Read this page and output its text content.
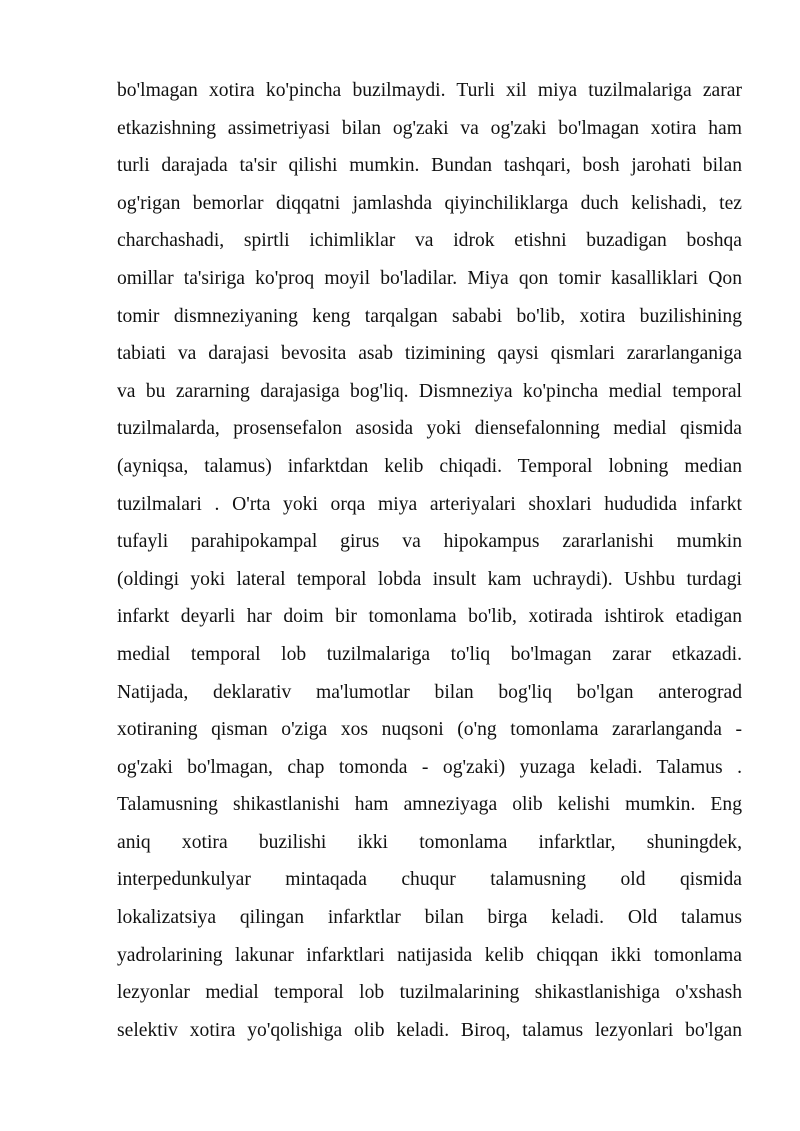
bo'lmagan xotira ko'pincha buzilmaydi. Turli xil miya tuzilmalariga zarar
etkazishning assimetriyasi bilan og'zaki va og'zaki bo'lmagan xotira ham
turli darajada ta'sir qilishi mumkin. Bundan tashqari, bosh jarohati bilan
og'rigan bemorlar diqqatni jamlashda qiyinchiliklarga duch kelishadi, tez
charchashadi, spirtli ichimliklar va idrok etishni buzadigan boshqa
omillar ta'siriga ko'proq moyil bo'ladilar. Miya qon tomir kasalliklari Qon
tomir dismneziyaning keng tarqalgan sababi bo'lib, xotira buzilishining
tabiati va darajasi bevosita asab tizimining qaysi qismlari zararlanganiga
va bu zararning darajasiga bog'liq. Dismneziya ko'pincha medial temporal
tuzilmalarda, prosensefalon asosida yoki diensefalonning medial qismida
(ayniqsa, talamus) infarktdan kelib chiqadi. Temporal lobning median
tuzilmalari . O'rta yoki orqa miya arteriyalari shoxlari hududida infarkt
tufayli parahipokampal girus va hipokampus zararlanishi mumkin
(oldingi yoki lateral temporal lobda insult kam uchraydi). Ushbu turdagi
infarkt deyarli har doim bir tomonlama bo'lib, xotirada ishtirok etadigan
medial temporal lob tuzilmalariga to'liq bo'lmagan zarar etkazadi.
Natijada, deklarativ ma'lumotlar bilan bog'liq bo'lgan anterograd
xotiraning qisman o'ziga xos nuqsoni (o'ng tomonlama zararlanganda -
og'zaki bo'lmagan, chap tomonda - og'zaki) yuzaga keladi. Talamus .
Talamusning shikastlanishi ham amneziyaga olib kelishi mumkin. Eng
aniq xotira buzilishi ikki tomonlama infarktlar, shuningdek,
interpedunkulyar mintaqada chuqur talamusning old qismida
lokalizatsiya qilingan infarktlar bilan birga keladi. Old talamus
yadrolarining lakunar infarktlari natijasida kelib chiqqan ikki tomonlama
lezyonlar medial temporal lob tuzilmalarining shikastlanishiga o'xshash
selektiv xotira yo'qolishiga olib keladi. Biroq, talamus lezyonlari bo'lgan
